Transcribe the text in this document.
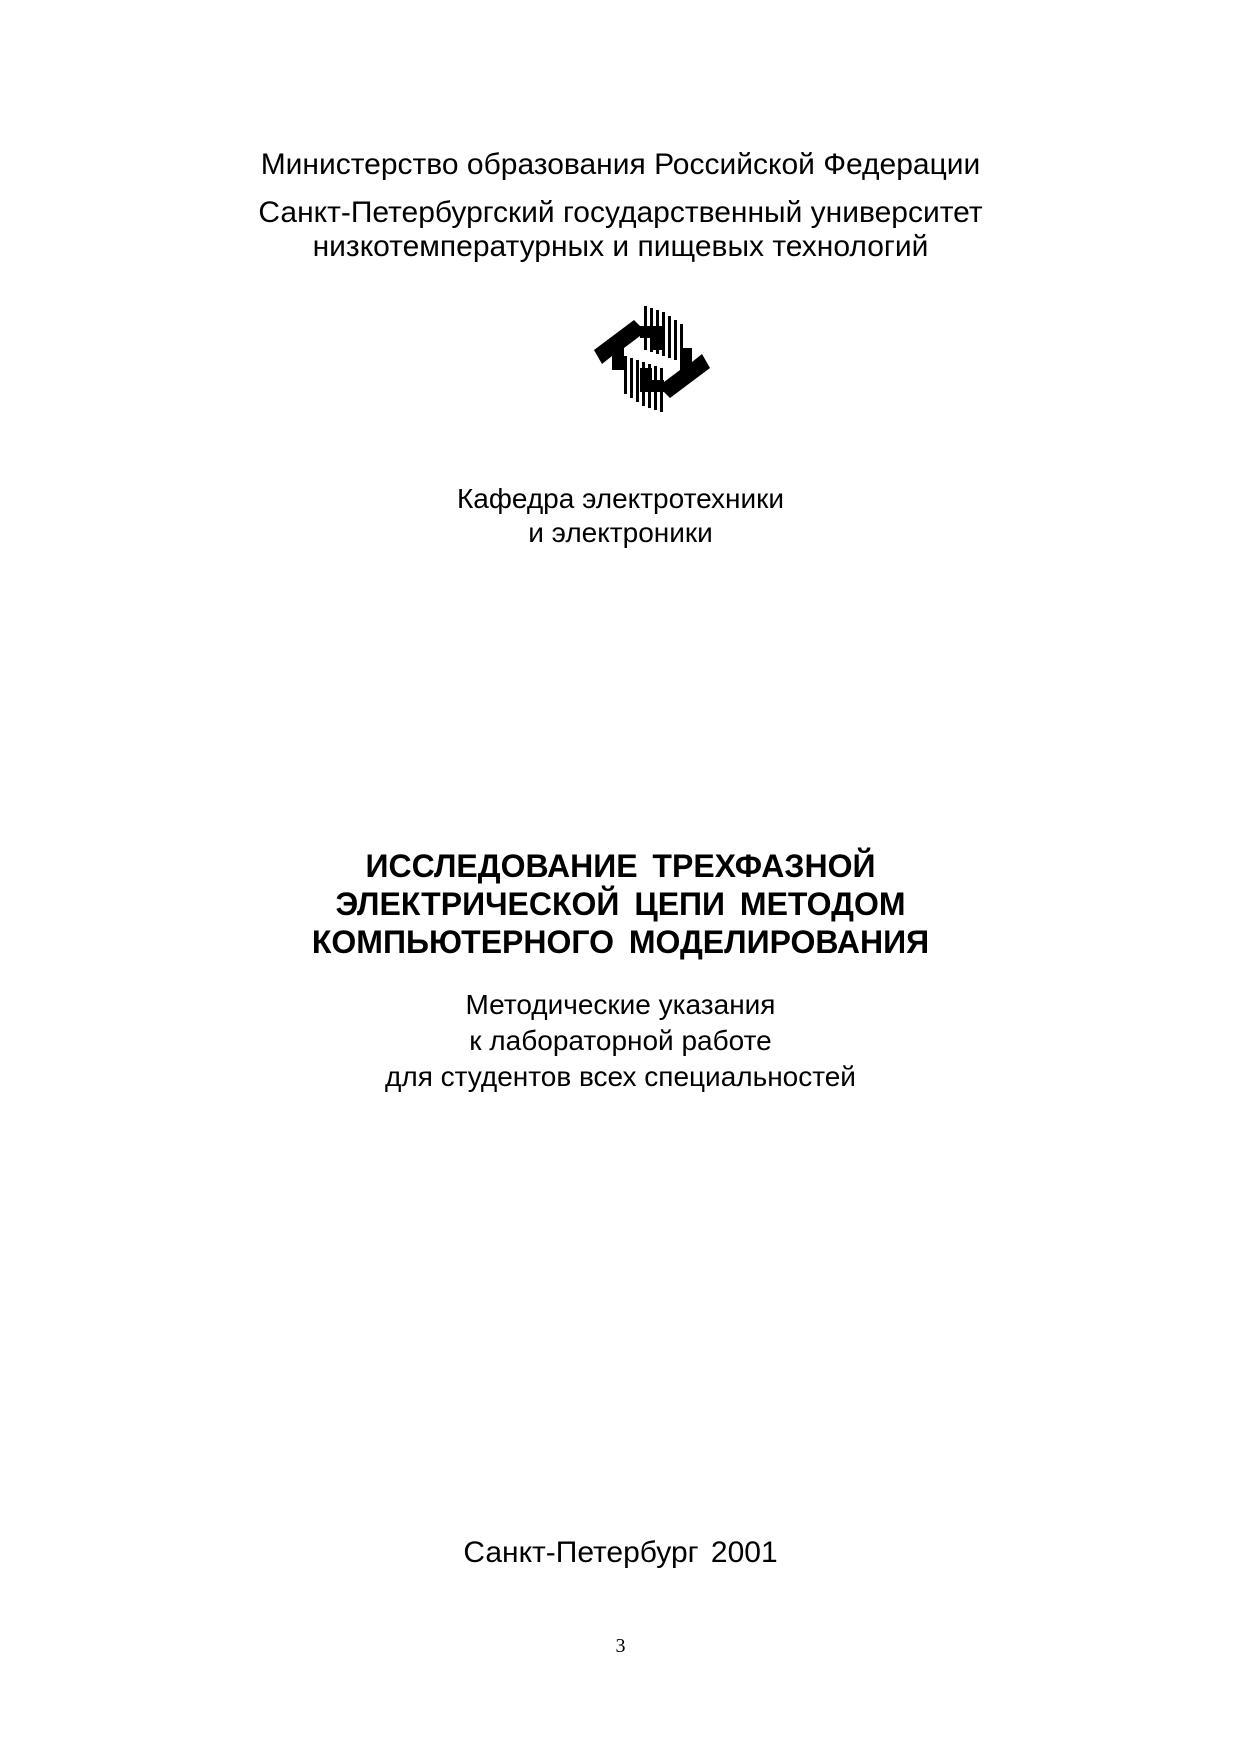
Министерство образования Российской Федерации
Санкт-Петербургский государственный университет
низкотемпературных и пищевых технологий
Кафедра электротехники
и электроники
ИССЛЕДОВАНИЕ ТРЕХФАЗНОЙ
ЭЛЕКТРИЧЕСКОЙ ЦЕПИ МЕТОДОМ
КОМПЬЮТЕРНОГО МОДЕЛИРОВАНИЯ
Методические указания
к лабораторной работе
для студентов всех специальностей
Санкт-Петербург 2001
3
